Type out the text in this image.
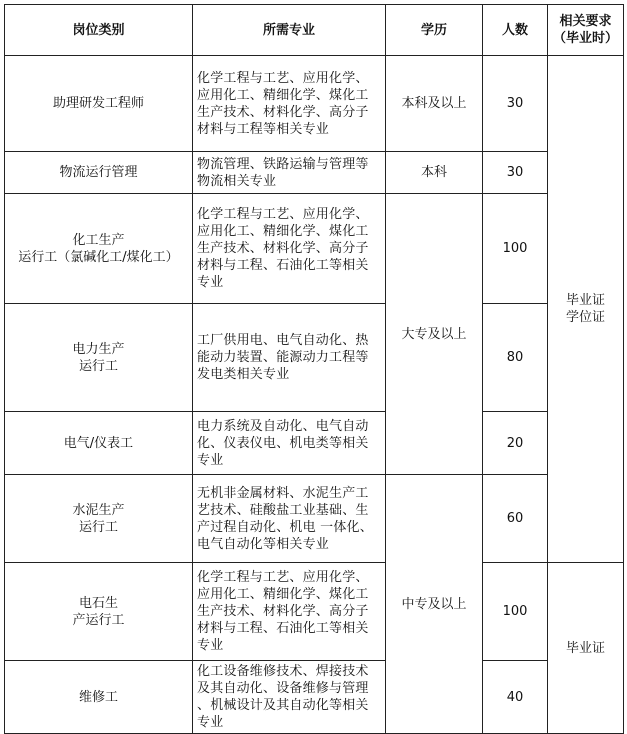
岗位类别	所需专业	学历	人数	相关要求
（毕业时）

助理研发工程师	化学工程与工艺、应用化学、
应用化工、精细化学、煤化工
生产技术、材料化学、高分子
材料与工程等相关专业	本科及以上	30	毕业证
学位证
物流运行管理	物流管理、铁路运输与管理等
物流相关专业	本科	30	
化工生产
运行工（氯碱化工/煤化工）	化学工程与工艺、应用化学、
应用化工、精细化学、煤化工
生产技术、材料化学、高分子
材料与工程、石油化工等相关
专业	大专及以上	100	
电力生产
运行工	工厂供用电、电气自动化、热
能动力装置、能源动力工程等
发电类相关专业		80	
电气/仪表工	电力系统及自动化、电气自动
化、仪表仪电、机电类等相关
专业		20	
水泥生产
运行工	无机非金属材料、水泥生产工
艺技术、硅酸盐工业基础、生
产过程自动化、机电 一体化、
电气自动化等相关专业	中专及以上	60	
电石生
产运行工	化学工程与工艺、应用化学、
应用化工、精细化学、煤化工
生产技术、材料化学、高分子
材料与工程、石油化工等相关
专业		100	毕业证
维修工	化工设备维修技术、焊接技术
及其自动化、设备维修与管理
、机械设计及其自动化等相关
专业		40	
